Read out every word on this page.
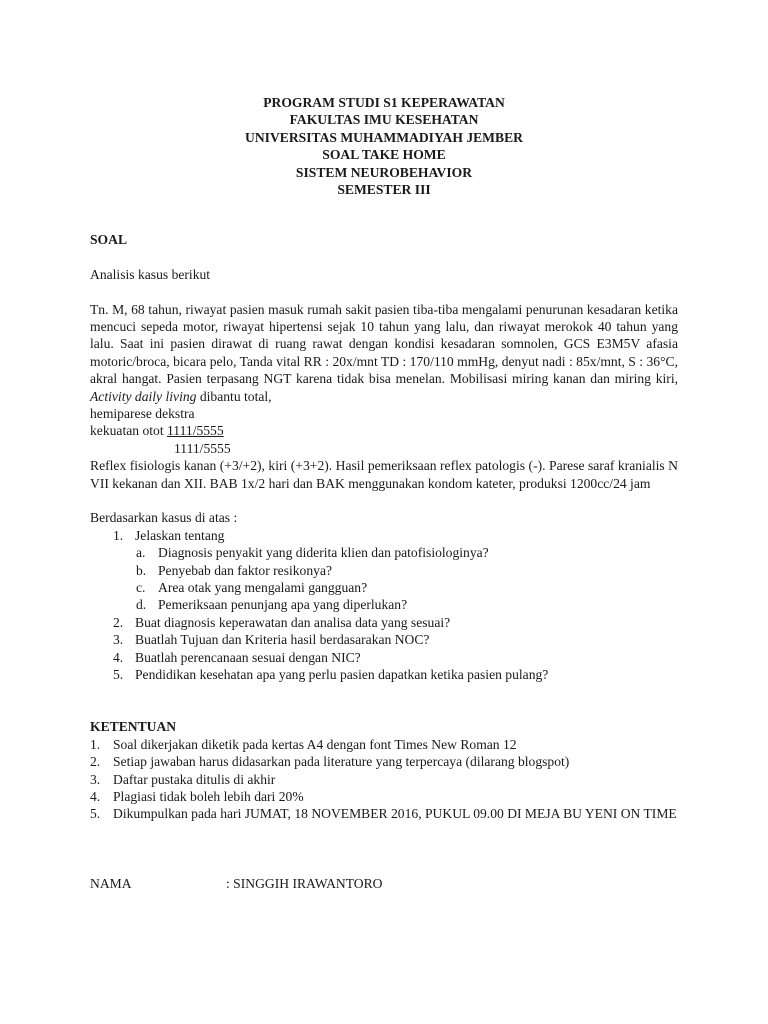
PROGRAM STUDI S1 KEPERAWATAN
FAKULTAS IMU KESEHATAN
UNIVERSITAS MUHAMMADIYAH JEMBER
SOAL TAKE HOME
SISTEM NEUROBEHAVIOR
SEMESTER III
SOAL
Analisis kasus berikut
Tn. M, 68 tahun, riwayat pasien masuk rumah sakit pasien tiba-tiba mengalami penurunan kesadaran ketika mencuci sepeda motor, riwayat hipertensi sejak 10 tahun yang lalu, dan riwayat merokok 40 tahun yang lalu. Saat ini pasien dirawat di ruang rawat dengan kondisi kesadaran somnolen, GCS E3M5V afasia motoric/broca, bicara pelo, Tanda vital RR : 20x/mnt TD : 170/110 mmHg, denyut nadi : 85x/mnt, S : 36°C, akral hangat. Pasien terpasang NGT karena tidak bisa menelan. Mobilisasi miring kanan dan miring kiri, Activity daily living dibantu total,
hemiparese dekstra
kekuatan otot 1111/5555
1111/5555
Reflex fisiologis kanan (+3/+2), kiri (+3+2). Hasil pemeriksaan reflex patologis (-). Parese saraf kranialis N VII kekanan dan XII. BAB 1x/2 hari dan BAK menggunakan kondom kateter, produksi 1200cc/24 jam
Berdasarkan kasus di atas :
1. Jelaskan tentang
a. Diagnosis penyakit yang diderita klien dan patofisiologinya?
b. Penyebab dan faktor resikonya?
c. Area otak yang mengalami gangguan?
d. Pemeriksaan penunjang apa yang diperlukan?
2. Buat diagnosis keperawatan dan analisa data yang sesuai?
3. Buatlah Tujuan dan Kriteria hasil berdasarakan NOC?
4. Buatlah perencanaan sesuai dengan NIC?
5. Pendidikan kesehatan apa yang perlu pasien dapatkan ketika pasien pulang?
KETENTUAN
1. Soal dikerjakan diketik pada kertas A4 dengan font Times New Roman 12
2. Setiap jawaban harus didasarkan pada literature yang terpercaya (dilarang blogspot)
3. Daftar pustaka ditulis di akhir
4. Plagiasi tidak boleh lebih dari 20%
5. Dikumpulkan pada hari JUMAT, 18 NOVEMBER 2016, PUKUL 09.00 DI MEJA BU YENI ON TIME
NAMA	: SINGGIH IRAWANTORO
